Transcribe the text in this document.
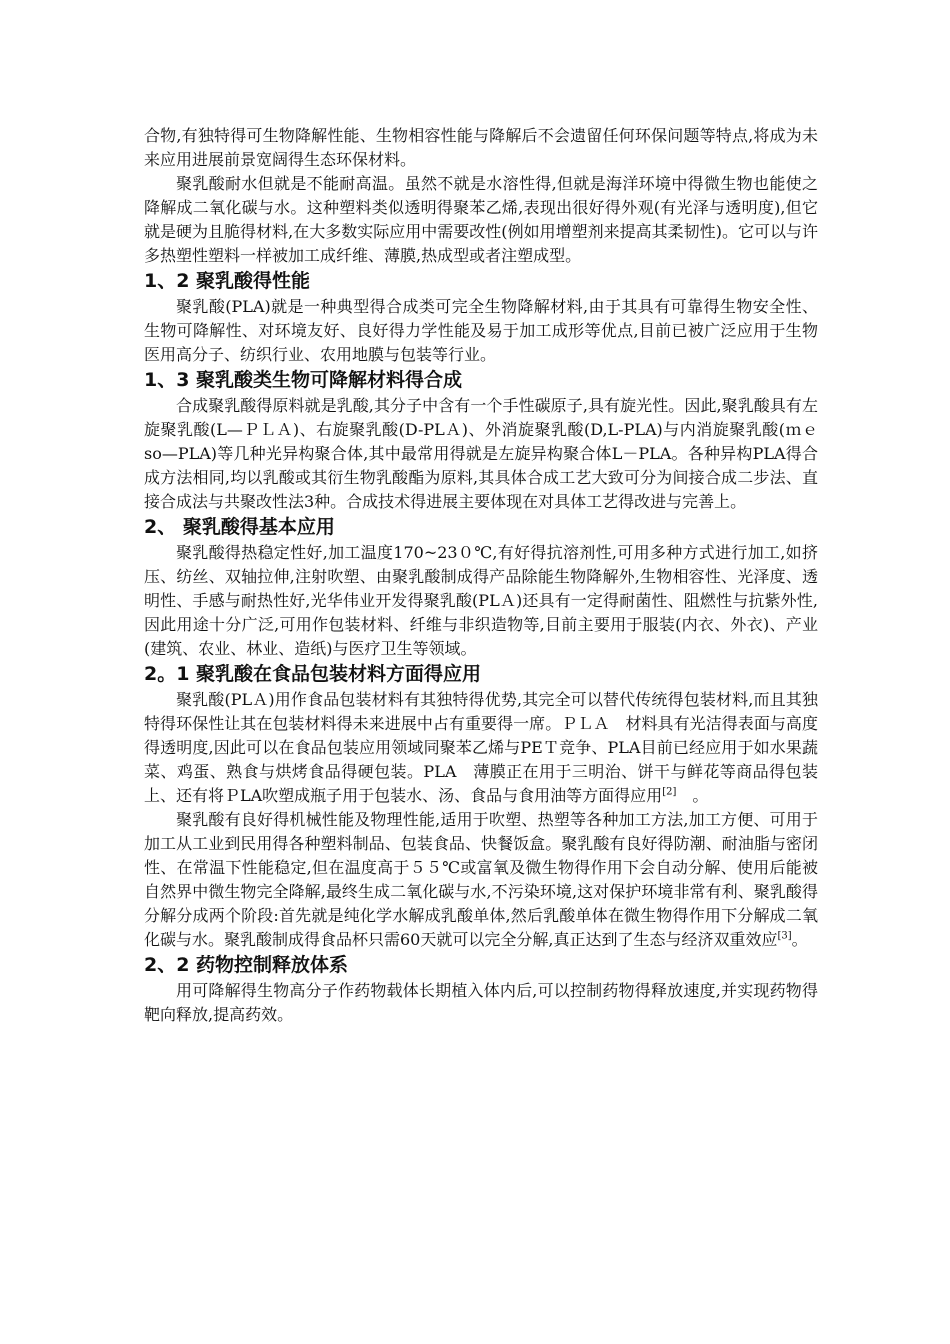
合物,有独特得可生物降解性能、生物相容性能与降解后不会遗留任何环保问题等特点,将成为未来应用进展前景宽阔得生态环保材料。

聚乳酸耐水但就是不能耐高温。虽然不就是水溶性得,但就是海洋环境中得微生物也能使之降解成二氧化碳与水。这种塑料类似透明得聚苯乙烯,表现出很好得外观(有光泽与透明度),但它就是硬为且脆得材料,在大多数实际应用中需要改性(例如用增塑剂来提高其柔韧性)。它可以与许多热塑性塑料一样被加工成纤维、薄膜,热成型或者注塑成型。

1、2 聚乳酸得性能

聚乳酸(PLA)就是一种典型得合成类可完全生物降解材料,由于其具有可靠得生物安全性、生物可降解性、对环境友好、良好得力学性能及易于加工成形等优点,目前已被广泛应用于生物医用高分子、纺织行业、农用地膜与包装等行业。

1、3 聚乳酸类生物可降解材料得合成

合成聚乳酸得原料就是乳酸,其分子中含有一个手性碳原子,具有旋光性。因此,聚乳酸具有左旋聚乳酸(L—ＰＬＡ)、右旋聚乳酸(D-PLＡ)、外消旋聚乳酸(D,L-PLA)与内消旋聚乳酸(ｍｅso—PLA)等几种光异构聚合体,其中最常用得就是左旋异构聚合体L－PLA。各种异构PLA得合成方法相同,均以乳酸或其衍生物乳酸酯为原料,其具体合成工艺大致可分为间接合成二步法、直接合成法与共聚改性法3种。合成技术得进展主要体现在对具体工艺得改进与完善上。

2、 聚乳酸得基本应用

聚乳酸得热稳定性好,加工温度170~23０℃,有好得抗溶剂性,可用多种方式进行加工,如挤压、纺丝、双轴拉伸,注射吹塑、由聚乳酸制成得产品除能生物降解外,生物相容性、光泽度、透明性、手感与耐热性好,光华伟业开发得聚乳酸(PLＡ)还具有一定得耐菌性、阻燃性与抗紫外性,因此用途十分广泛,可用作包装材料、纤维与非织造物等,目前主要用于服装(内衣、外衣)、产业(建筑、农业、林业、造纸)与医疗卫生等领域。

2。1 聚乳酸在食品包装材料方面得应用

聚乳酸(PLＡ)用作食品包装材料有其独特得优势,其完全可以替代传统得包装材料,而且其独特得环保性让其在包装材料得未来进展中占有重要得一席。ＰＬＡ　材料具有光洁得表面与高度得透明度,因此可以在食品包装应用领域同聚苯乙烯与PEＴ竞争、PLA目前已经应用于如水果蔬菜、鸡蛋、熟食与烘烤食品得硬包装。PLA　薄膜正在用于三明治、饼干与鲜花等商品得包装上、还有将ＰLA吹塑成瓶子用于包装水、汤、食品与食用油等方面得应用[2]　。

聚乳酸有良好得机械性能及物理性能,适用于吹塑、热塑等各种加工方法,加工方便、可用于加工从工业到民用得各种塑料制品、包装食品、快餐饭盒。聚乳酸有良好得防潮、耐油脂与密闭性、在常温下性能稳定,但在温度高于５５℃或富氧及微生物得作用下会自动分解、使用后能被自然界中微生物完全降解,最终生成二氧化碳与水,不污染环境,这对保护环境非常有利、聚乳酸得分解分成两个阶段:首先就是纯化学水解成乳酸单体,然后乳酸单体在微生物得作用下分解成二氧化碳与水。聚乳酸制成得食品杯只需60天就可以完全分解,真正达到了生态与经济双重效应[3]。

2、2 药物控制释放体系

用可降解得生物高分子作药物载体长期植入体内后,可以控制药物得释放速度,并实现药物得靶向释放,提高药效。
